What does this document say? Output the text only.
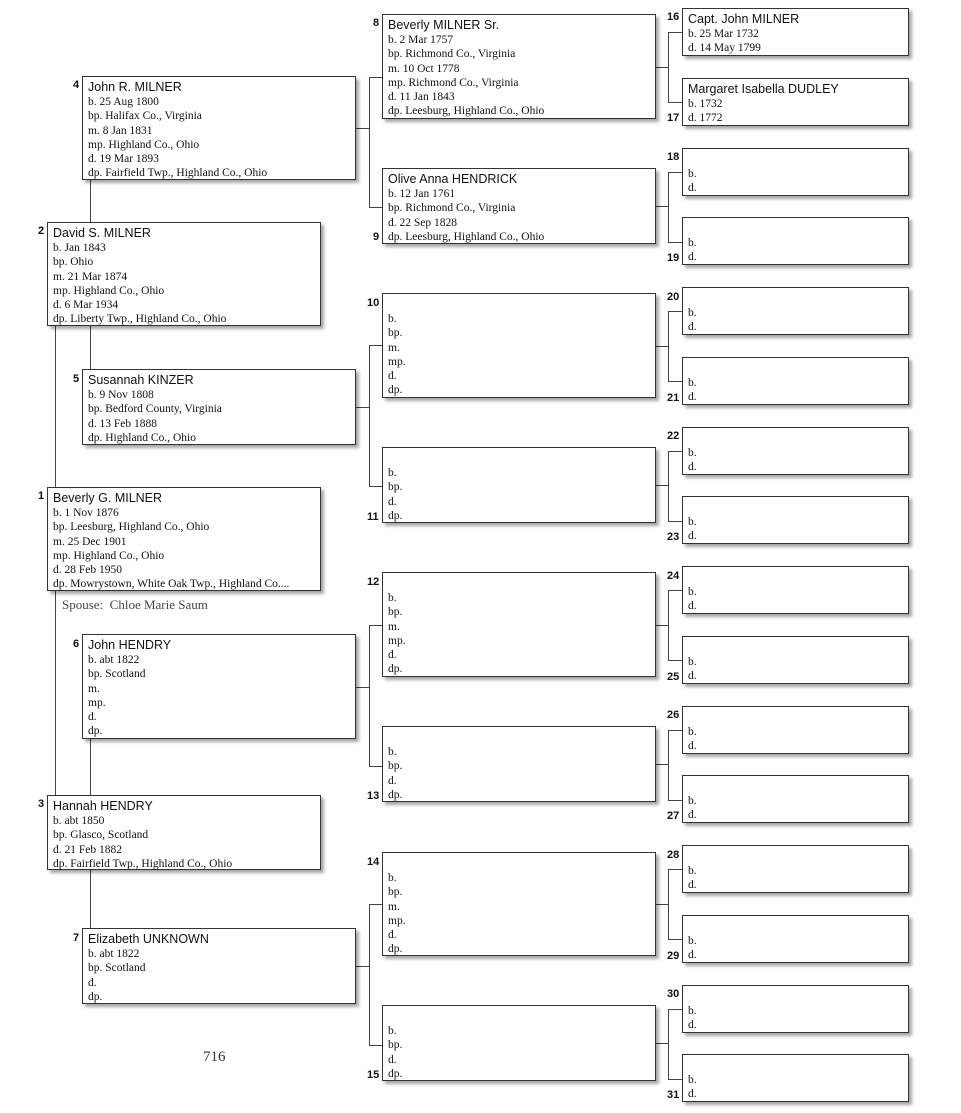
1 Beverly G. MILNER
b. 1 Nov 1876
bp. Leesburg, Highland Co., Ohio
m. 25 Dec 1901
mp. Highland Co., Ohio
d. 28 Feb 1950
dp. Mowrystown, White Oak Twp., Highland Co....
Spouse: Chloe Marie Saum
2 David S. MILNER
b. Jan 1843
bp. Ohio
m. 21 Mar 1874
mp. Highland Co., Ohio
d. 6 Mar 1934
dp. Liberty Twp., Highland Co., Ohio
3 Hannah HENDRY
b. abt 1850
bp. Glasco, Scotland
d. 21 Feb 1882
dp. Fairfield Twp., Highland Co., Ohio
4 John R. MILNER
b. 25 Aug 1800
bp. Halifax Co., Virginia
m. 8 Jan 1831
mp. Highland Co., Ohio
d. 19 Mar 1893
dp. Fairfield Twp., Highland Co., Ohio
5 Susannah KINZER
b. 9 Nov 1808
bp. Bedford County, Virginia
d. 13 Feb 1888
dp. Highland Co., Ohio
6 John HENDRY
b. abt 1822
bp. Scotland
m.
mp.
d.
dp.
7 Elizabeth UNKNOWN
b. abt 1822
bp. Scotland
d.
dp.
8 Beverly MILNER Sr.
b. 2 Mar 1757
bp. Richmond Co., Virginia
m. 10 Oct 1778
mp. Richmond Co., Virginia
d. 11 Jan 1843
dp. Leesburg, Highland Co., Ohio
9
Olive Anna HENDRICK
b. 12 Jan 1761
bp. Richmond Co., Virginia
d. 22 Sep 1828
dp. Leesburg, Highland Co., Ohio
10

b.
bp.
m.
mp.
d.
dp.
11

b.
bp.
d.
dp.
12

b.
bp.
m.
mp.
d.
dp.
13

b.
bp.
d.
dp.
14

b.
bp.
m.
mp.
d.
dp.
15

b.
bp.
d.
dp.
16 Capt. John MILNER
b. 25 Mar 1732
d. 14 May 1799
17
Margaret Isabella DUDLEY
b. 1732
d. 1772
18

b.
d.
19

b.
d.
20

b.
d.
21

b.
d.
22

b.
d.
23

b.
d.
24

b.
d.
25

b.
d.
26

b.
d.
27

b.
d.
28

b.
d.
29

b.
d.
30

b.
d.
31

b.
d.
716
